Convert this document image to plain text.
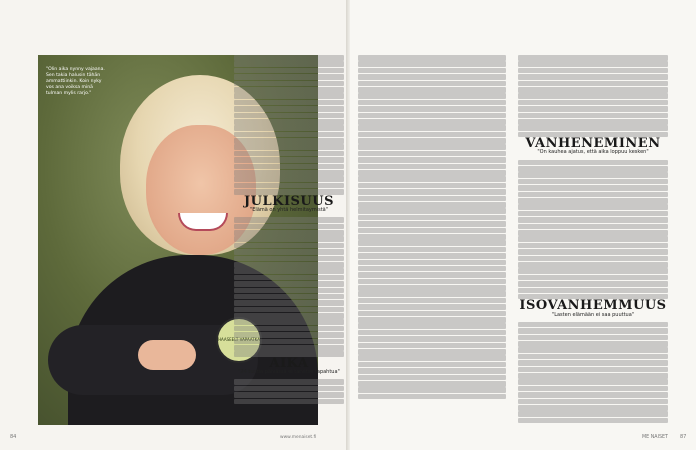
HAASEELT VAPAATKA
"Olin aika nynny vajaana. Sen takia halusin tähän ammattiinkin. Koin nyky vos ana voiksa minä tulman mylis rarjo."
84	www.menaiset.fi
JULKISUUS
"Elämä on yhtä helmitaymistä"
AIKA
"24 tuntia päivässä ei tarvitse tapahtua"
VANHENEMINEN
"On kauhea ajatus, että aika loppuu kesken"
ISOVANHEMMUUS
"Lasten elämään ei saa puuttua"
ME NAISET 87
